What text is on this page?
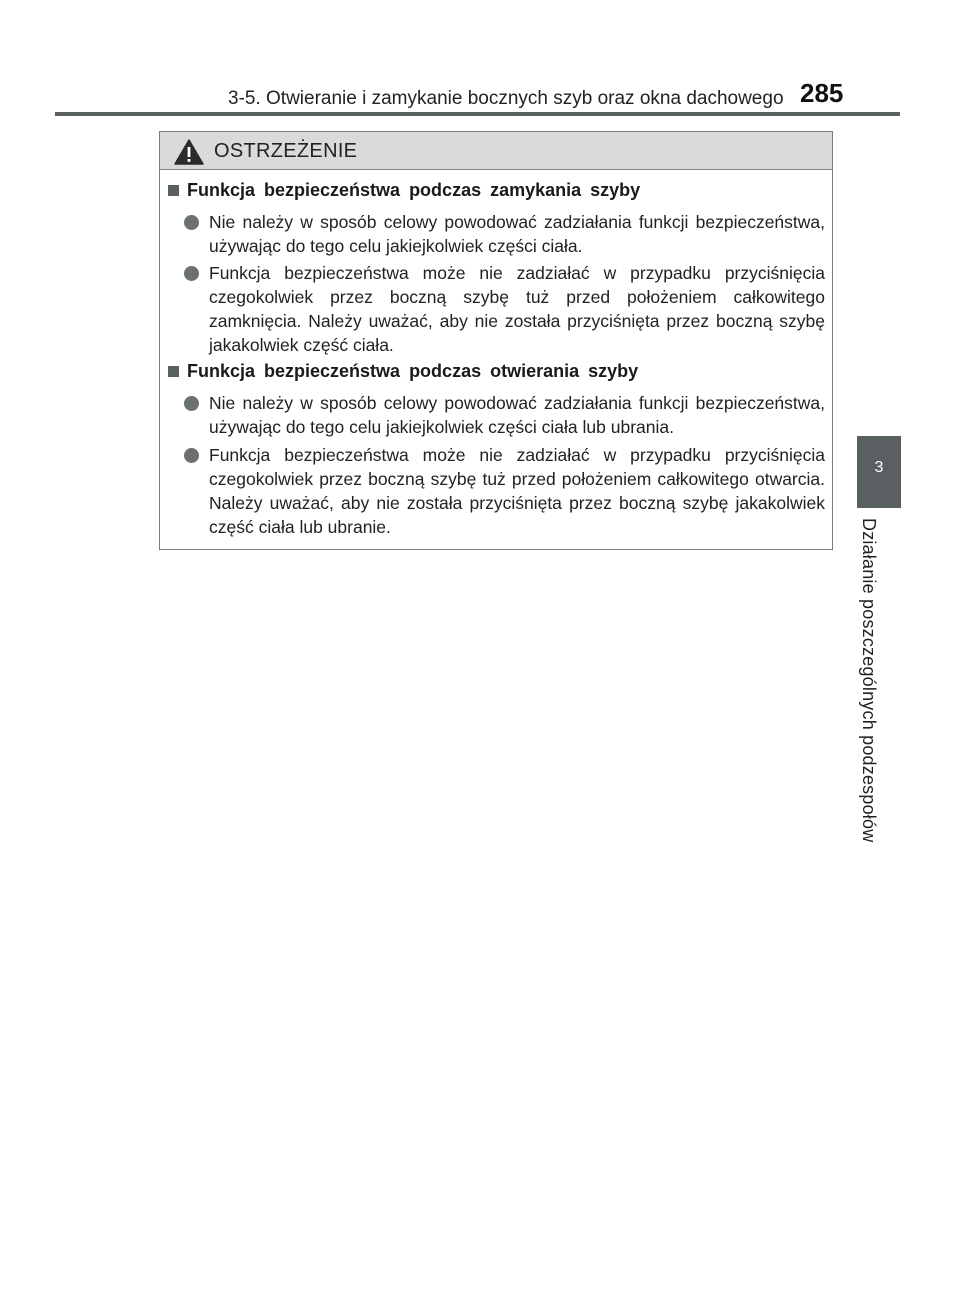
3-5. Otwieranie i zamykanie bocznych szyb oraz okna dachowego 285
3
Działanie poszczególnych podzespołów
OSTRZEŻENIE
Funkcja bezpieczeństwa podczas zamykania szyby
Nie należy w sposób celowy powodować zadziałania funkcji bezpieczeństwa, używając do tego celu jakiejkolwiek części ciała.
Funkcja bezpieczeństwa może nie zadziałać w przypadku przyciśnięcia czegokolwiek przez boczną szybę tuż przed położeniem całkowitego zamknięcia. Należy uważać, aby nie została przyciśnięta przez boczną szybę jakakolwiek część ciała.
Funkcja bezpieczeństwa podczas otwierania szyby
Nie należy w sposób celowy powodować zadziałania funkcji bezpieczeństwa, używając do tego celu jakiejkolwiek części ciała lub ubrania.
Funkcja bezpieczeństwa może nie zadziałać w przypadku przyciśnięcia czegokolwiek przez boczną szybę tuż przed położeniem całkowitego otwarcia. Należy uważać, aby nie została przyciśnięta przez boczną szybę jakakolwiek część ciała lub ubranie.
